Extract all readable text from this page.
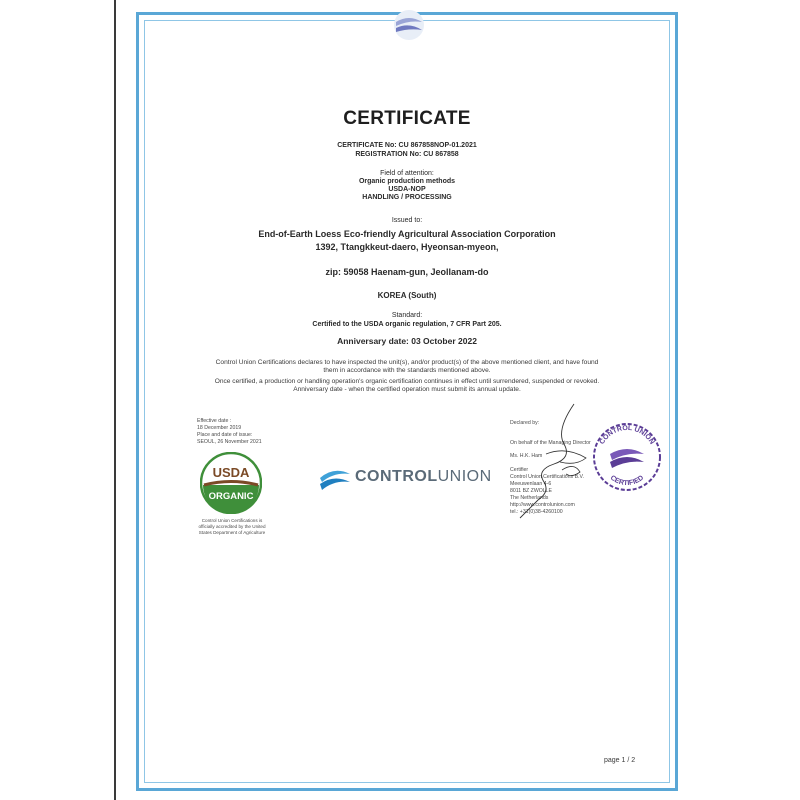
CERTIFICATE
CERTIFICATE No: CU 867858NOP-01.2021
REGISTRATION No: CU 867858
Field of attention:
Organic production methods
USDA-NOP
HANDLING / PROCESSING
Issued to:
End-of-Earth Loess Eco-friendly Agricultural Association Corporation
1392, Ttangkkeut-daero, Hyeonsan-myeon,
zip: 59058 Haenam-gun, Jeollanam-do
KOREA (South)
Standard:
Certified to the USDA organic regulation, 7 CFR Part 205.
Anniversary date: 03 October 2022
Control Union Certifications declares to have inspected the unit(s), and/or product(s) of the above mentioned client, and have found
them in accordance with the standards mentioned above.
Once certified, a production or handling operation's organic certification continues in effect until surrendered, suspended or revoked.
Anniversary date - when the certified operation must submit its annual update.
Effective date :
18 December 2019
Place and date of issue:
SEOUL, 26 November 2021
USDA
ORGANIC
Control Union Certifications is
officially accredited by the United
States Department of Agriculture
CONTROLUNION
Declared by:
On behalf of the Managing Director
Ms. H.K. Ham
Certifier
Control Union Certifications B.V.
Meeuwenlaan 4-6
8011 BZ ZWOLLE
The Netherlands
http://www.controlunion.com
tel.: +31(0)38-4260100
CONTROL UNION
CERTIFIED
page 1 / 2
